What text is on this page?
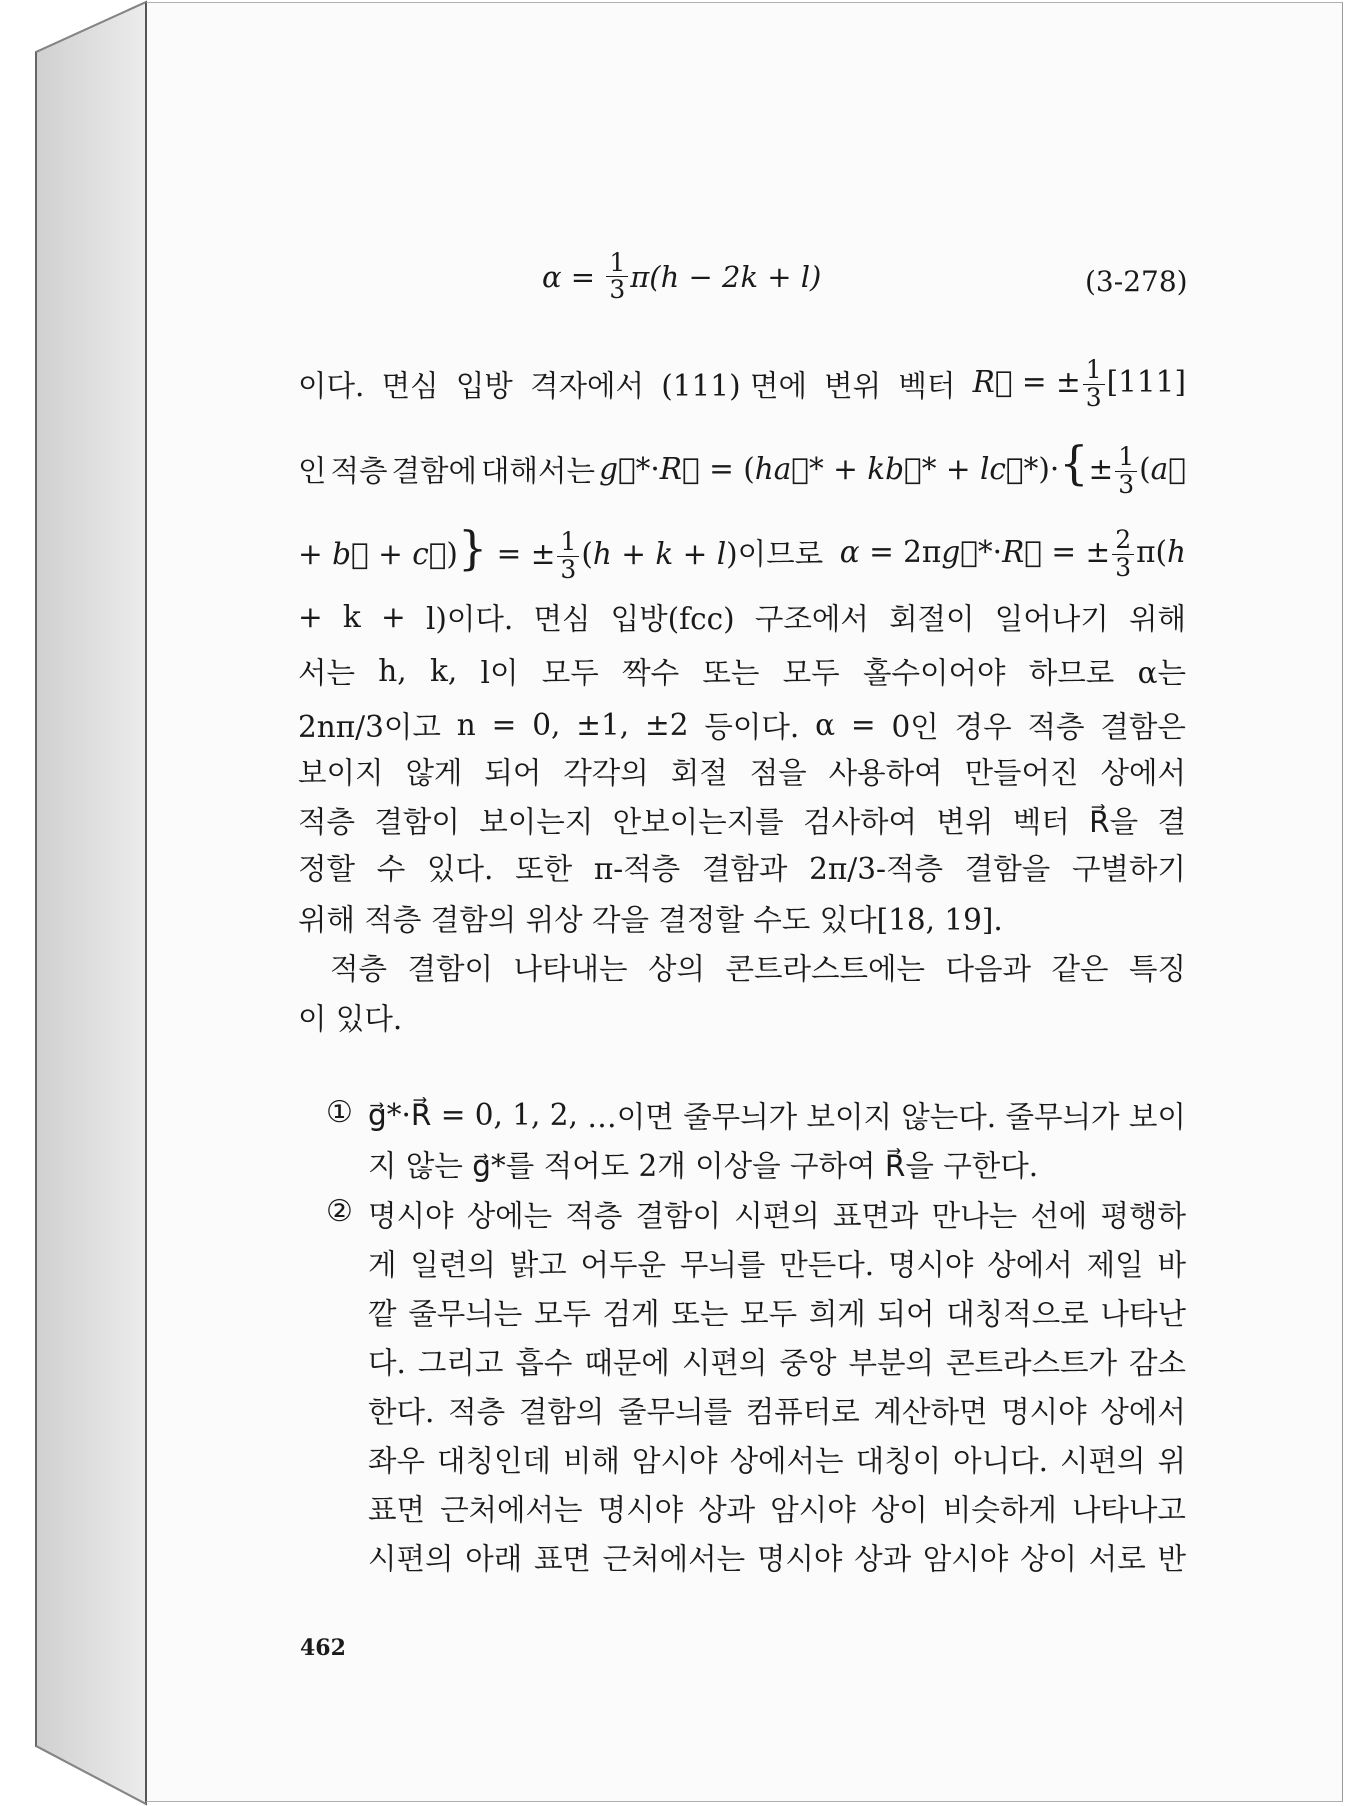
$\alpha = \frac{1}{3} \pi(h - 2k + l)$	(3-278)
이다. 면심 입방 격자에서 (111) 면에 변위 벡터 R⃗ = ± $\frac{1}{3} [111]$
인 적층 결함에 대해서는 g⃗*·R⃗ = (ha⃗* + kb⃗* + lc⃗*)·{± $\frac{1}{3}$ (a⃗
+ b⃗ + c⃗)} = ± $\frac{1}{3} (h + k + l)$이므로 α = 2πg⃗*·R⃗ = ± $\frac{2}{3} \pi(h$
+ k + l)이다. 면심 입방(fcc) 구조에서 회절이 일어나기 위해
서는 h, k, l이 모두 짝수 또는 모두 홀수이어야 하므로 α는
2nπ/3이고 n = 0, ±1, ±2 등이다. α = 0인 경우 적층 결함은
보이지 않게 되어 각각의 회절 점을 사용하여 만들어진 상에서
적층 결함이 보이는지 안보이는지를 검사하여 변위 벡터 R⃗을 결
정할 수 있다. 또한 π-적층 결함과 2π/3-적층 결함을 구별하기
위해 적층 결함의 위상 각을 결정할 수도 있다[18, 19].
적층 결함이 나타내는 상의 콘트라스트에는 다음과 같은 특징
이 있다.
① g⃗*·R⃗ = 0, 1, 2, …이면 줄무늬가 보이지 않는다. 줄무늬가 보이
지 않는 g⃗*를 적어도 2개 이상을 구하여 R⃗을 구한다.
② 명시야 상에는 적층 결함이 시편의 표면과 만나는 선에 평행하
게 일련의 밝고 어두운 무늬를 만든다. 명시야 상에서 제일 바
깥 줄무늬는 모두 검게 또는 모두 희게 되어 대칭적으로 나타난
다. 그리고 흡수 때문에 시편의 중앙 부분의 콘트라스트가 감소
한다. 적층 결함의 줄무늬를 컴퓨터로 계산하면 명시야 상에서
좌우 대칭인데 비해 암시야 상에서는 대칭이 아니다. 시편의 위
표면 근처에서는 명시야 상과 암시야 상이 비슷하게 나타나고
시편의 아래 표면 근처에서는 명시야 상과 암시야 상이 서로 반
462
